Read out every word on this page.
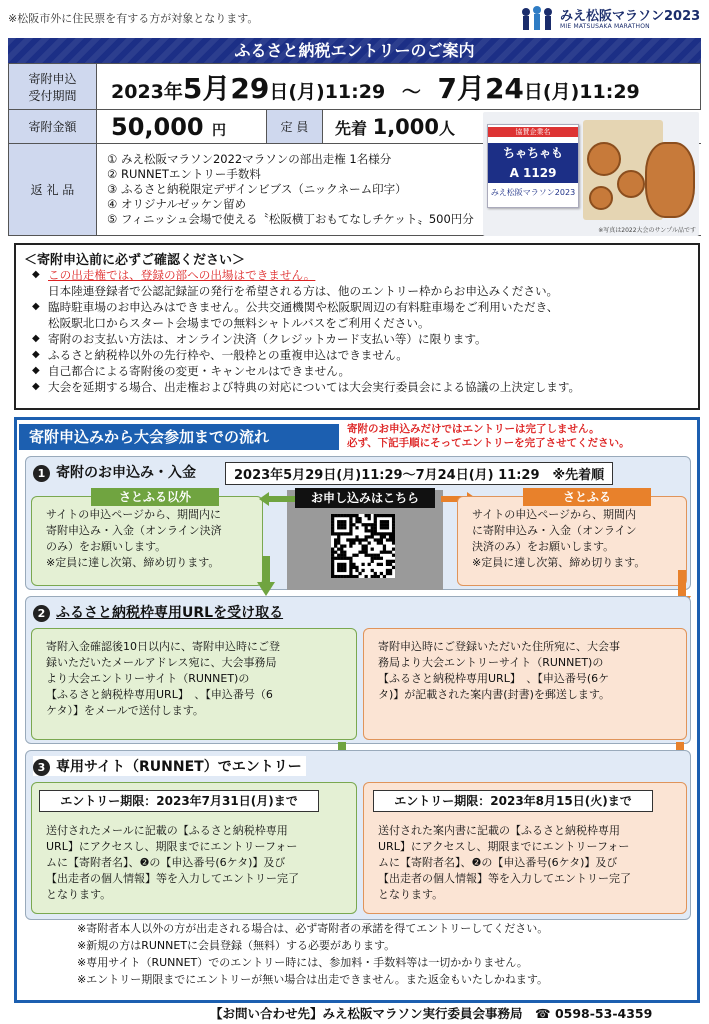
※松阪市外に住民票を有する方が対象となります。	みえ松阪マラソン2023
MIE MATSUSAKA MARATHON
ふるさと納税エントリーのご案内
寄附申込
受付期間	2023年5月29日(月)11:29 〜 7月24日(月)11:29		
寄附金額	50,000 円	定 員	先着 1,000人
返 礼 品	① みえ松阪マラソン2022マラソンの部出走権 1名様分
② RUNNETエントリー手数料
③ ふるさと納税限定デザインビブス（ニックネーム印字）
④ オリジナルゼッケン留め
⑤ フィニッシュ会場で使える〝松阪横丁おもてなしチケット〟500円分		
協賛企業名
ちゃちゃも
A 1129
みえ松阪マラソン2023
※写真は2022大会のサンプル品です
＜寄附申込前に必ずご確認ください＞
◆ この出走権では、登録の部への出場はできません。
日本陸連登録者で公認記録証の発行を希望される方は、他のエントリー枠からお申込みください。
◆ 臨時駐車場のお申込みはできません。公共交通機関や松阪駅周辺の有料駐車場をご利用いただき、
松阪駅北口からスタート会場までの無料シャトルバスをご利用ください。
◆ 寄附のお支払い方法は、オンライン決済（クレジットカード支払い等）に限ります。
◆ ふるさと納税枠以外の先行枠や、一般枠との重複申込はできません。
◆ 自己都合による寄附後の変更・キャンセルはできません。
◆ 大会を延期する場合、出走権および特典の対応については大会実行委員会による協議の上決定します。
寄附申込みから大会参加までの流れ	寄附のお申込みだけではエントリーは完了しません。
必ず、下記手順にそってエントリーを完了させてください。
1 寄附のお申込み・入金	2023年5月29日(月)11:29〜7月24日(月) 11:29　※先着順
サイトの申込ページから、期間内に
寄附申込み・入金（オンライン決済
のみ）をお願いします。
※定員に達し次第、締め切ります。
さとふる以外	お申し込みはこちら
サイトの申込ページから、期間内
に寄附申込み・入金（オンライン
決済のみ）をお願いします。
※定員に達し次第、締め切ります。
さとふる
2 ふるさと納税枠専用URLを受け取る
寄附入金確認後10日以内に、寄附申込時にご登
録いただいたメールアドレス宛に、大会事務局
より大会エントリーサイト（RUNNET)の
【ふるさと納税枠専用URL】　、【申込番号（6
ケタ）】をメールで送付します。
寄附申込時にご登録いただいた住所宛に、大会事
務局より大会エントリーサイト（RUNNET)の
【ふるさと納税枠専用URL】　、【申込番号(6ケ
タ)】が記載された案内書(封書)を郵送します。
3 専用サイト（RUNNET）でエントリー
送付されたメールに記載の【ふるさと納税枠専用
URL】にアクセスし、期限までにエントリーフォー
ムに【寄附者名】、❷の【申込番号(6ケタ)】及び
【出走者の個人情報】等を入力してエントリー完了
となります。
エントリー期限：2023年7月31日(月)まで
送付された案内書に記載の【ふるさと納税枠専用
URL】にアクセスし、期限までにエントリーフォー
ムに【寄附者名】、❷の【申込番号(6ケタ)】及び
【出走者の個人情報】等を入力してエントリー完了
となります。
エントリー期限：2023年8月15日(火)まで
※寄附者本人以外の方が出走される場合は、必ず寄附者の承諾を得てエントリーしてください。
※新規の方はRUNNETに会員登録（無料）する必要があります。
※専用サイト（RUNNET）でのエントリー時には、参加料・手数料等は一切かかりません。
※エントリー期限までにエントリーが無い場合は出走できません。また返金もいたしかねます。
【お問い合わせ先】みえ松阪マラソン実行委員会事務局　 ☎ 0598-53-4359
